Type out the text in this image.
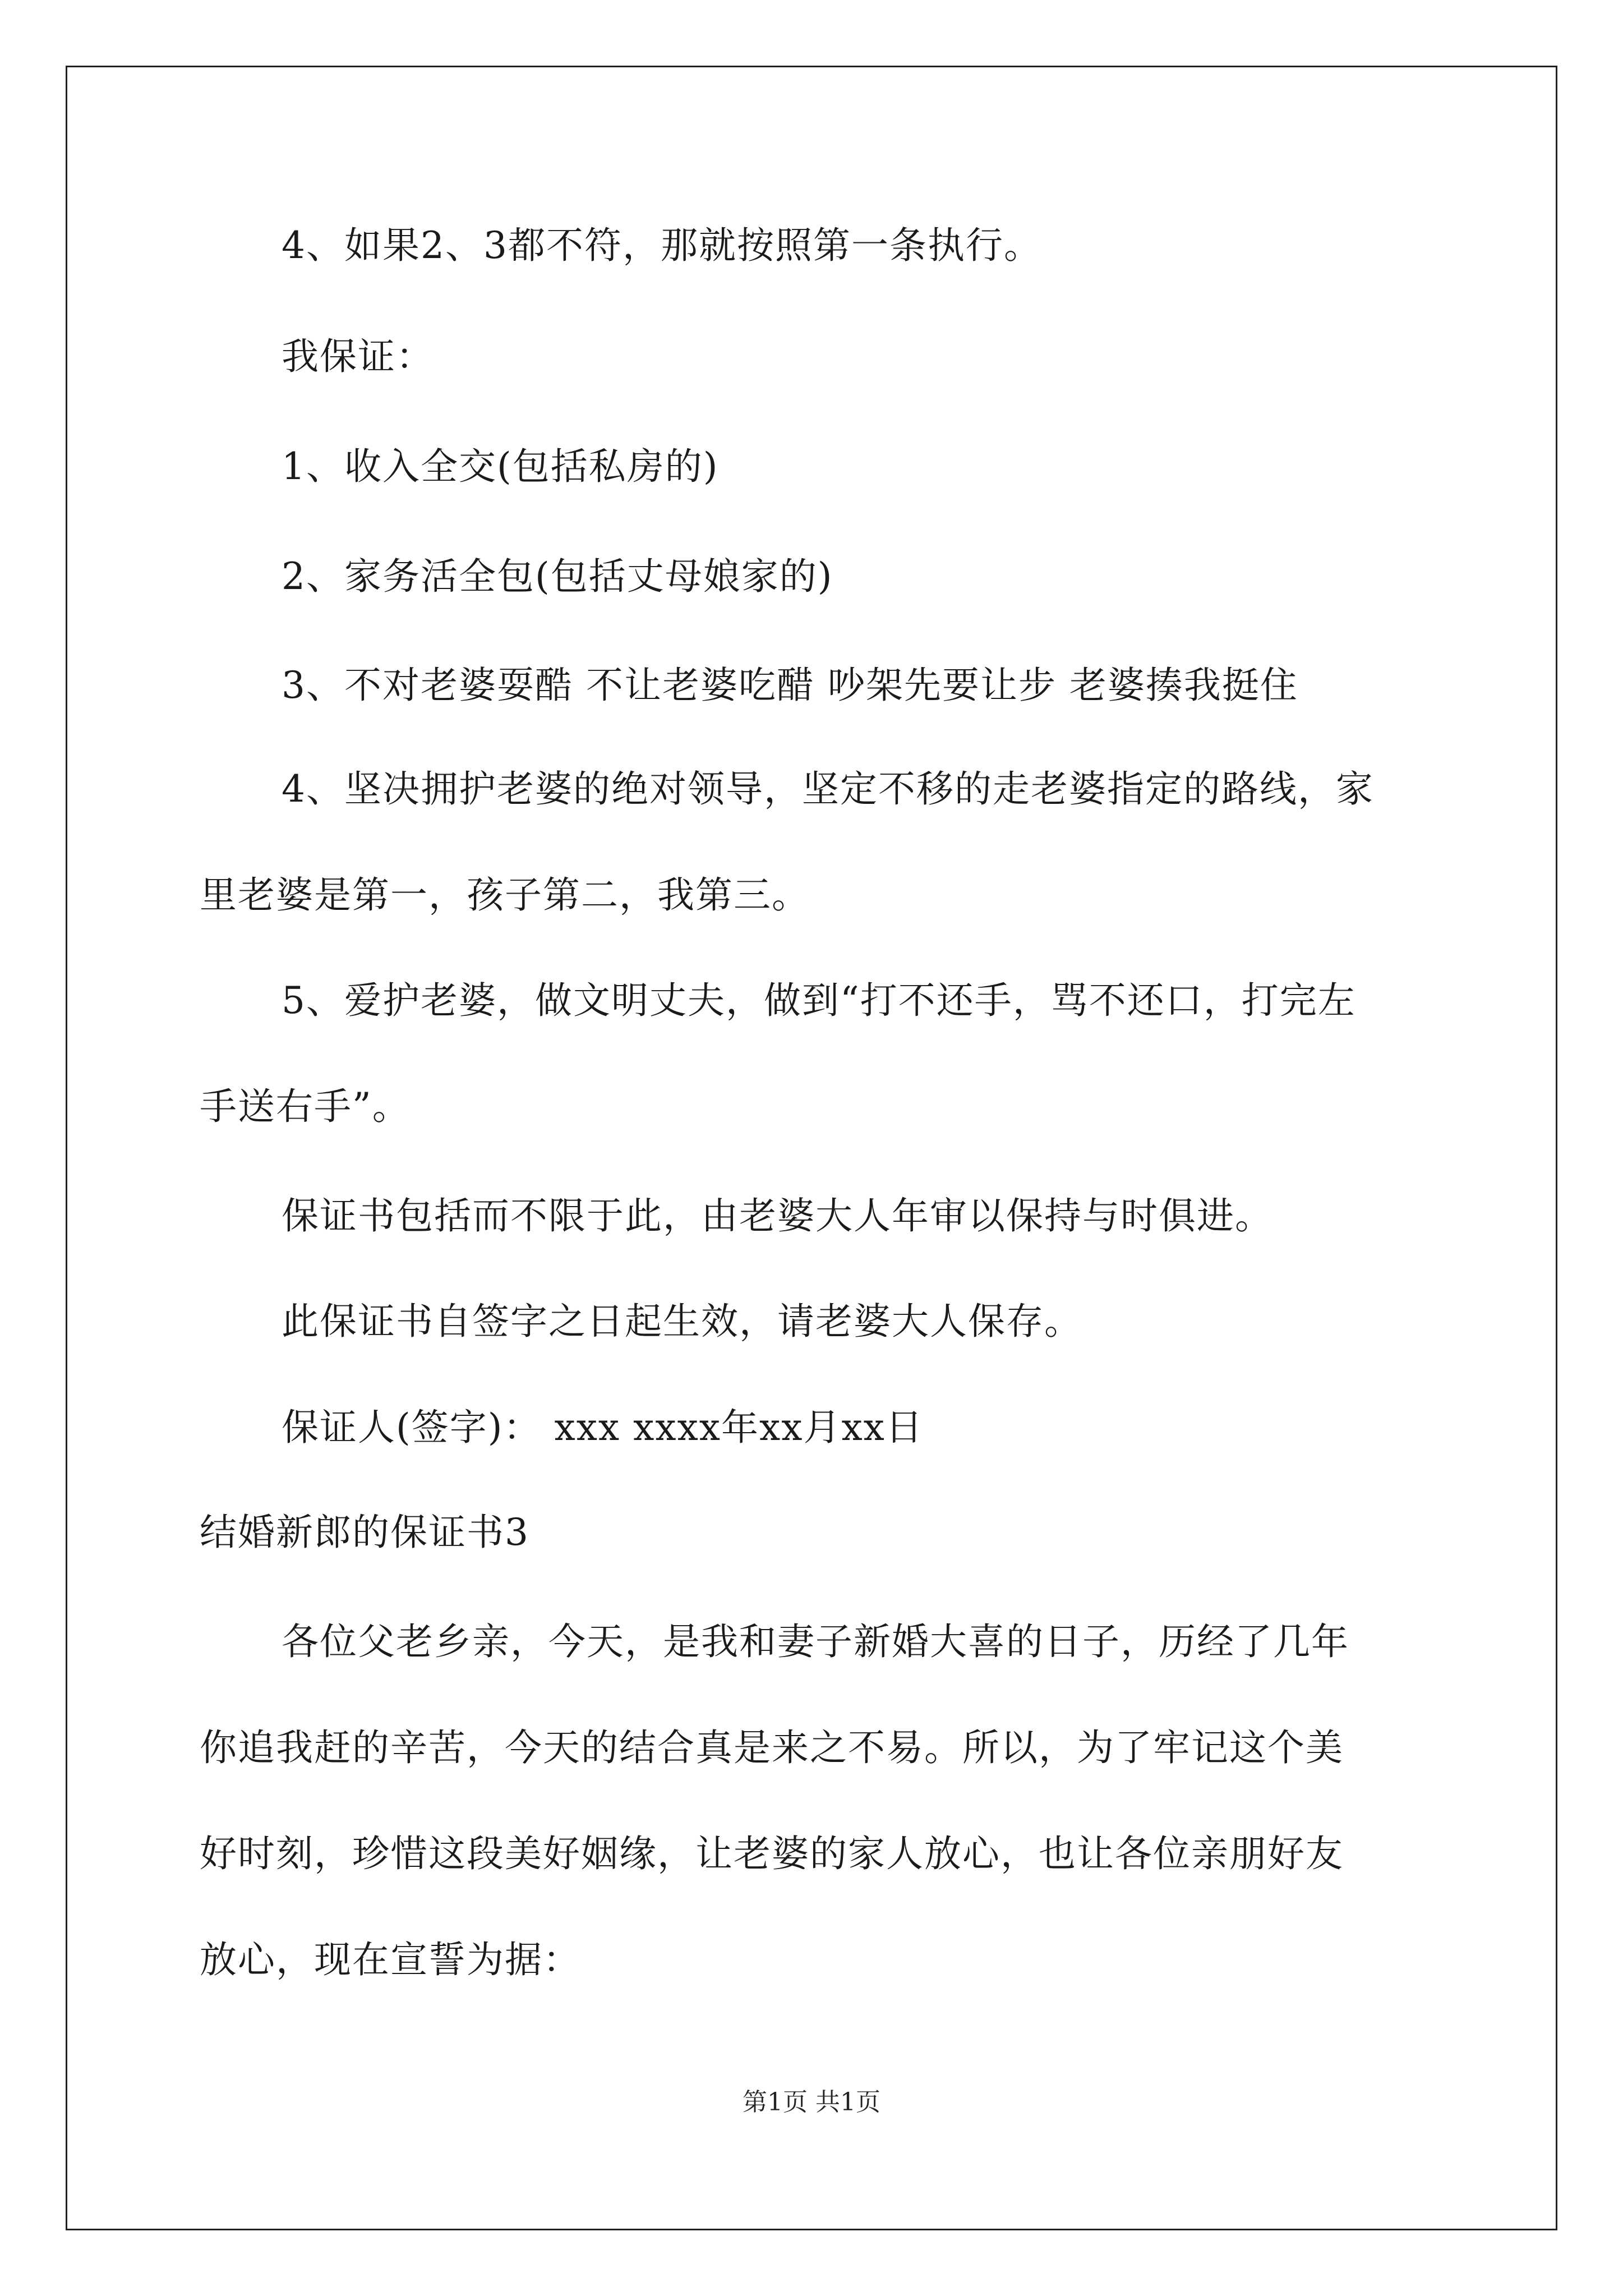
4、如果2、3都不符，那就按照第一条执行。
我保证：
1、收入全交(包括私房的)
2、家务活全包(包括丈母娘家的)
3、不对老婆耍酷 不让老婆吃醋 吵架先要让步 老婆揍我挺住
4、坚决拥护老婆的绝对领导，坚定不移的走老婆指定的路线，家
里老婆是第一，孩子第二，我第三。
5、爱护老婆，做文明丈夫，做到“打不还手，骂不还口，打完左
手送右手”。
保证书包括而不限于此，由老婆大人年审以保持与时俱进。
此保证书自签字之日起生效，请老婆大人保存。
保证人(签字)： xxx xxxx年xx月xx日
结婚新郎的保证书3
各位父老乡亲，今天，是我和妻子新婚大喜的日子，历经了几年
你追我赶的辛苦，今天的结合真是来之不易。所以，为了牢记这个美
好时刻，珍惜这段美好姻缘，让老婆的家人放心，也让各位亲朋好友
放心，现在宣誓为据：
第1页 共1页
